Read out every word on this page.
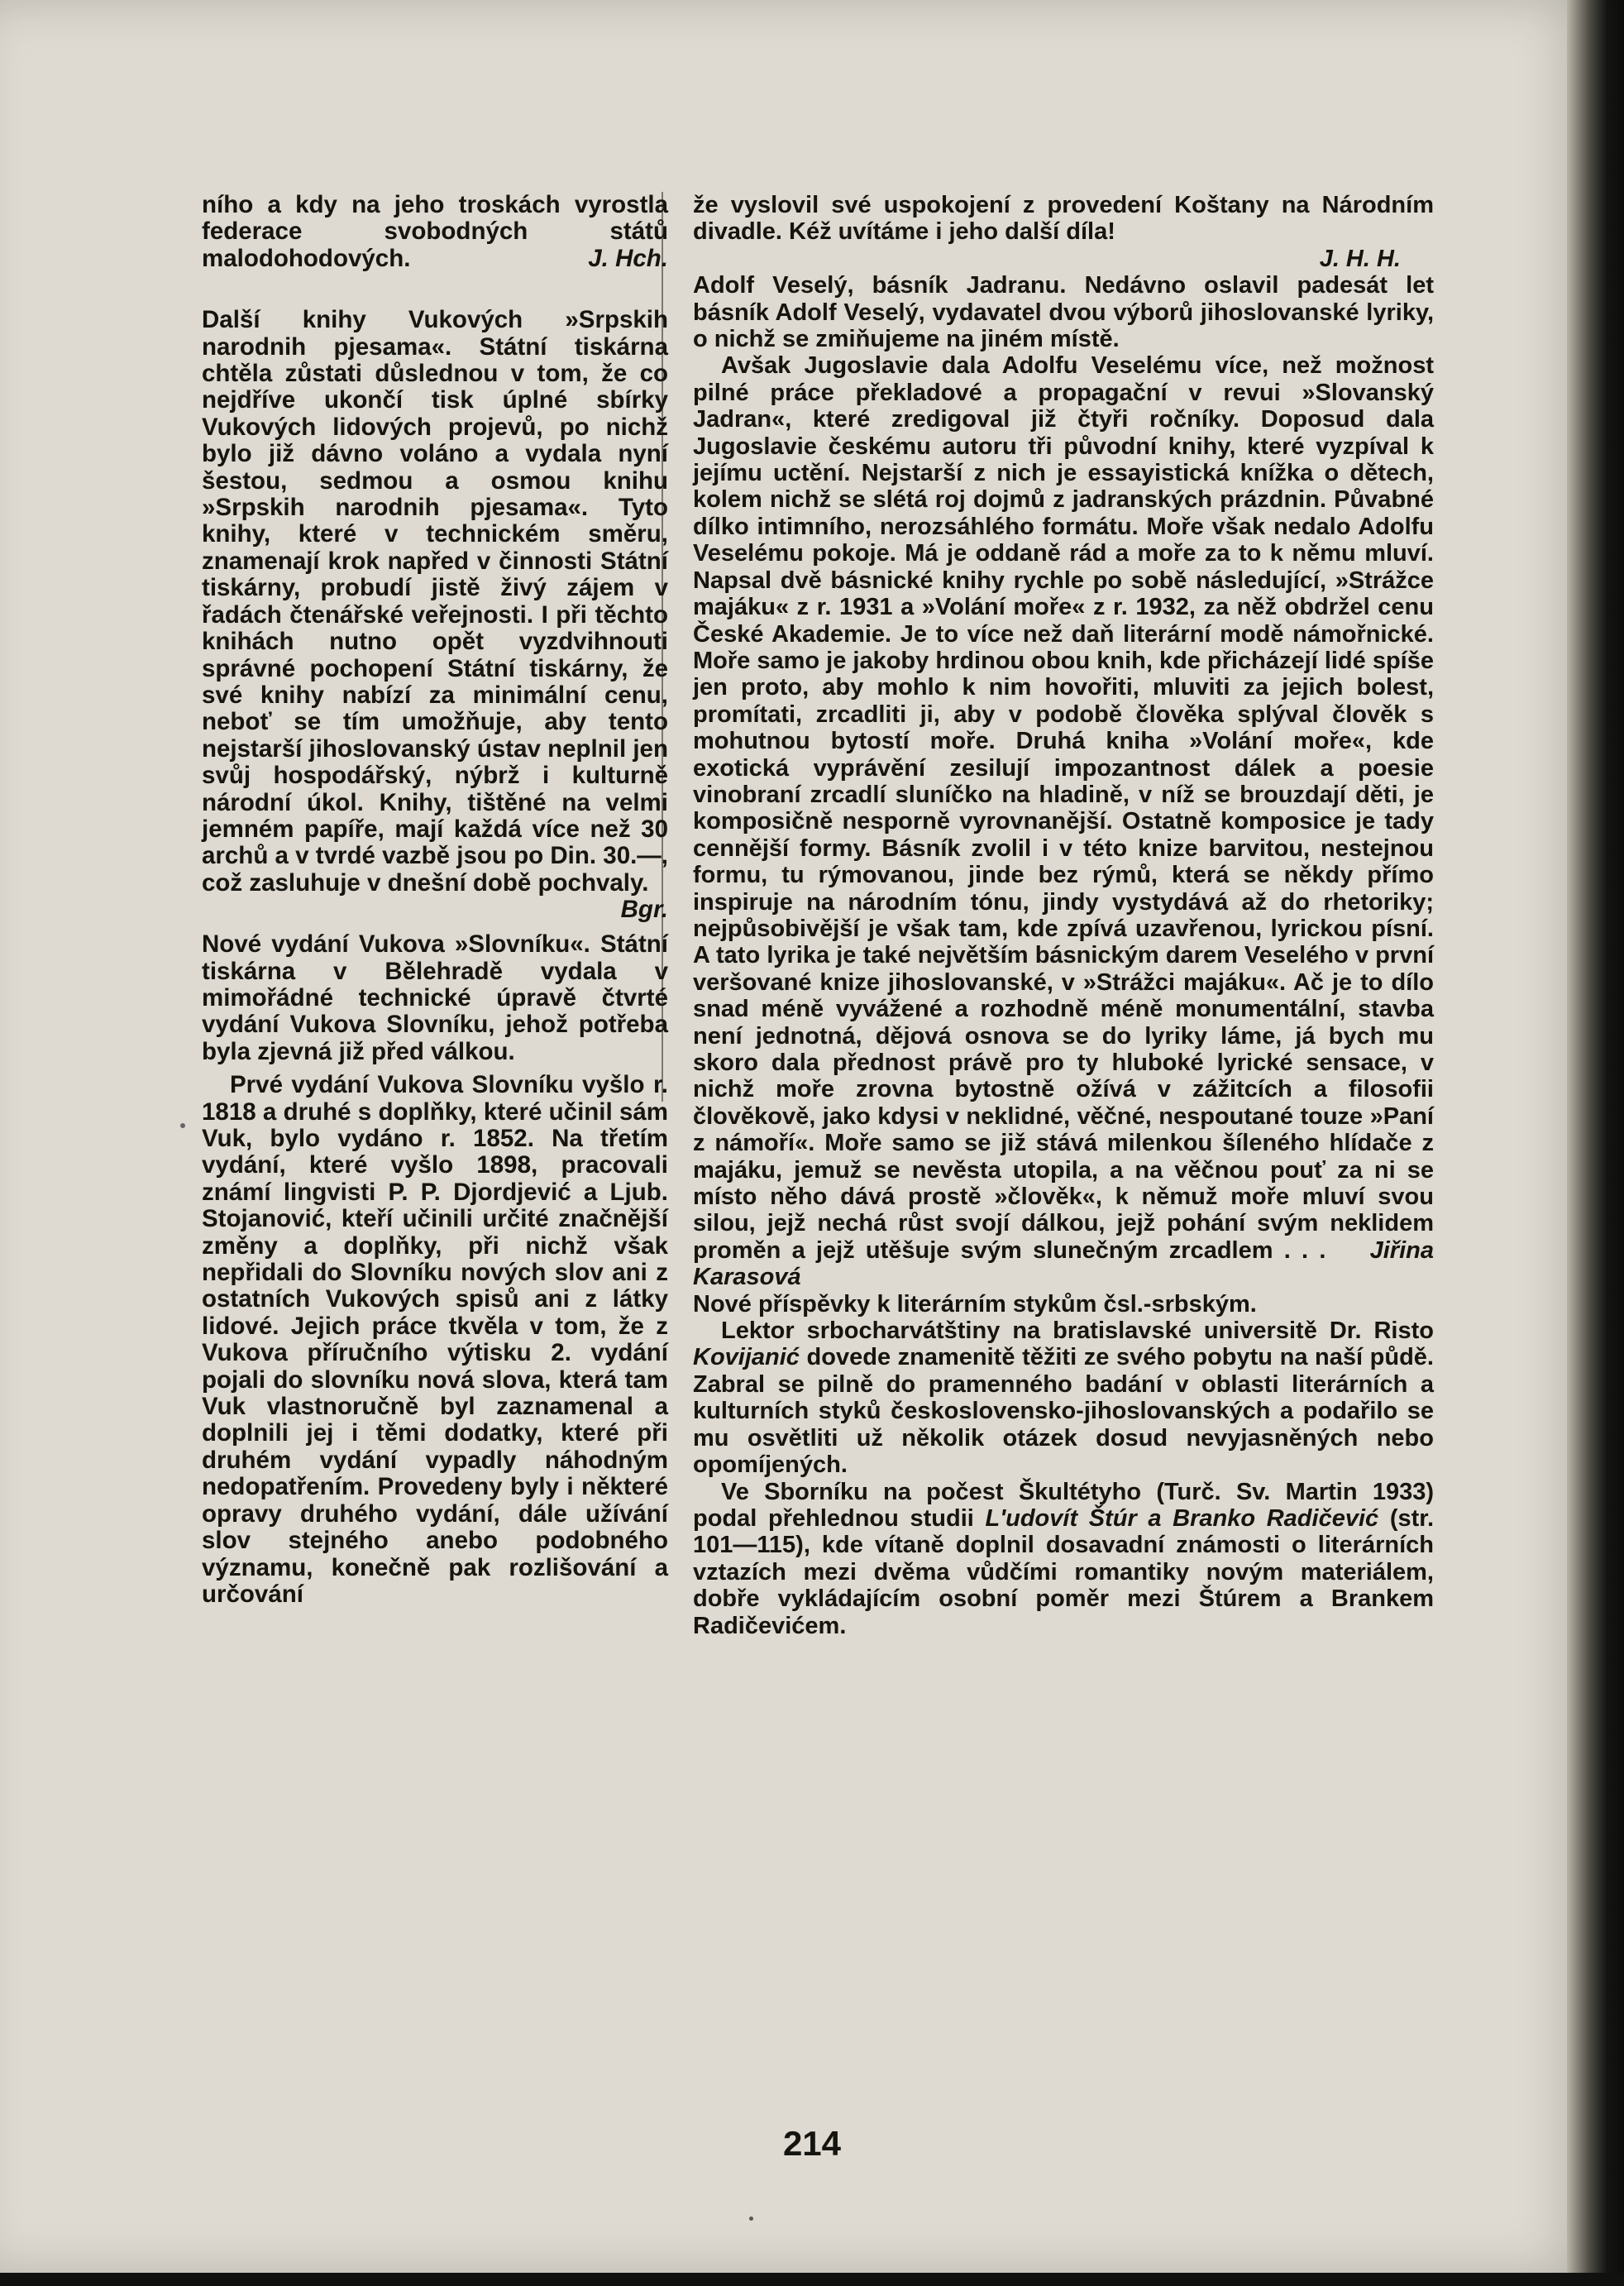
ního a kdy na jeho troskách vyrostla federace svobodných států malodohodových.	J. Hch.

Další knihy Vukových »Srpskih narodnih pjesama«. Státní tiskárna chtěla zůstati důslednou v tom, že co nejdříve ukončí tisk úplné sbírky Vukových lidových projevů, po nichž bylo již dávno voláno a vydala nyní šestou, sedmou a osmou knihu »Srpskih narodnih pjesama«. Tyto knihy, které v technickém směru, znamenají krok napřed v činnosti Státní tiskárny, probudí jistě živý zájem v řadách čtenářské veřejnosti. I při těchto knihách nutno opět vyzdvihnouti správné pochopení Státní tiskárny, že své knihy nabízí za minimální cenu, neboť se tím umožňuje, aby tento nejstarší jihoslovanský ústav neplnil jen svůj hospodářský, nýbrž i kulturně národní úkol. Knihy, tištěné na velmi jemném papíře, mají každá více než 30 archů a v tvrdé vazbě jsou po Din. 30.—, což zasluhuje v dnešní době pochvaly.
Bgr.

Nové vydání Vukova »Slovníku«. Státní tiskárna v Bělehradě vydala v mimořádné technické úpravě čtvrté vydání Vukova Slovníku, jehož potřeba byla zjevná již před válkou.

Prvé vydání Vukova Slovníku vyšlo r. 1818 a druhé s doplňky, které učinil sám Vuk, bylo vydáno r. 1852. Na třetím vydání, které vyšlo 1898, pracovali známí lingvisti P. P. Djordjević a Ljub. Stojanović, kteří učinili určité značnější změny a doplňky, při nichž však nepřidali do Slovníku nových slov ani z ostatních Vukových spisů ani z látky lidové. Jejich práce tkvěla v tom, že z Vukova příručního výtisku 2. vydání pojali do slovníku nová slova, která tam Vuk vlastnoručně byl zaznamenal a doplnili jej i těmi dodatky, které při druhém vydání vypadly náhodným nedopatřením. Provedeny byly i některé opravy druhého vydání, dále užívání slov stejného anebo podobného významu, konečně pak rozlišování a určování

že vyslovil své uspokojení z provedení Koštany na Národním divadle. Kéž uvítáme i jeho další díla!

J. H. H.

Adolf Veselý, básník Jadranu. Nedávno oslavil padesát let básník Adolf Veselý, vydavatel dvou výborů jihoslovanské lyriky, o nichž se zmiňujeme na jiném místě.

Avšak Jugoslavie dala Adolfu Veselému více, než možnost pilné práce překladové a propagační v revui »Slovanský Jadran«, které zredigoval již čtyři ročníky. Doposud dala Jugoslavie českému autoru tři původní knihy, které vyzpíval k jejímu uctění. Nejstarší z nich je essayistická knížka o dětech, kolem nichž se slétá roj dojmů z jadranských prázdnin. Půvabné dílko intimního, nerozsáhlého formátu. Moře však nedalo Adolfu Veselému pokoje. Má je oddaně rád a moře za to k němu mluví. Napsal dvě básnické knihy rychle po sobě následující, »Strážce majáku« z r. 1931 a »Volání moře« z r. 1932, za něž obdržel cenu České Akademie. Je to více než daň literární modě námořnické. Moře samo je jakoby hrdinou obou knih, kde přicházejí lidé spíše jen proto, aby mohlo k nim hovořiti, mluviti za jejich bolest, promítati, zrcadliti ji, aby v podobě člověka splýval člověk s mohutnou bytostí moře. Druhá kniha »Volání moře«, kde exotická vyprávění zesilují impozantnost dálek a poesie vinobraní zrcadlí sluníčko na hladině, v níž se brouzdají děti, je komposičně nesporně vyrovnanější. Ostatně komposice je tady cennější formy. Básník zvolil i v této knize barvitou, nestejnou formu, tu rýmovanou, jinde bez rýmů, která se někdy přímo inspiruje na národním tónu, jindy vystydává až do rhetoriky; nejpůsobivější je však tam, kde zpívá uzavřenou, lyrickou písní. A tato lyrika je také největším básnickým darem Veselého v první veršované knize jihoslovanské, v »Strážci majáku«. Ač je to dílo snad méně vyvážené a rozhodně méně monumentální, stavba není jednotná, dějová osnova se do lyriky láme, já bych mu skoro dala přednost právě pro ty hluboké lyrické sensace, v nichž moře zrovna bytostně ožívá v zážitcích a filosofii člověkově, jako kdysi v neklidné, věčné, nespoutané touze »Paní z námoří«. Moře samo se již stává milenkou šíleného hlídače z majáku, jemuž se nevěsta utopila, a na věčnou pouť za ni se místo něho dává prostě »člověk«, k němuž moře mluví svou silou, jejž nechá růst svojí dálkou, jejž pohání svým neklidem proměn a jejž utěšuje svým slunečným zrcadlem . . . Jiřina Karasová

Nové příspěvky k literárním stykům čsl.-srbským.

Lektor srbocharvátštiny na bratislavské universitě Dr. Risto Kovijanić dovede znamenitě těžiti ze svého pobytu na naší půdě. Zabral se pilně do pramenného badání v oblasti literárních a kulturních styků československo-jihoslovanských a podařilo se mu osvětliti už několik otázek dosud nevyjasněných nebo opomíjených.

Ve Sborníku na počest Škultétyho (Turč. Sv. Martin 1933) podal přehlednou studii L'udovít Štúr a Branko Radičević (str. 101—115), kde vítaně doplnil dosavadní známosti o literárních vztazích mezi dvěma vůdčími romantiky novým materiálem, dobře vykládajícím osobní poměr mezi Štúrem a Brankem Radičevićem.

214
